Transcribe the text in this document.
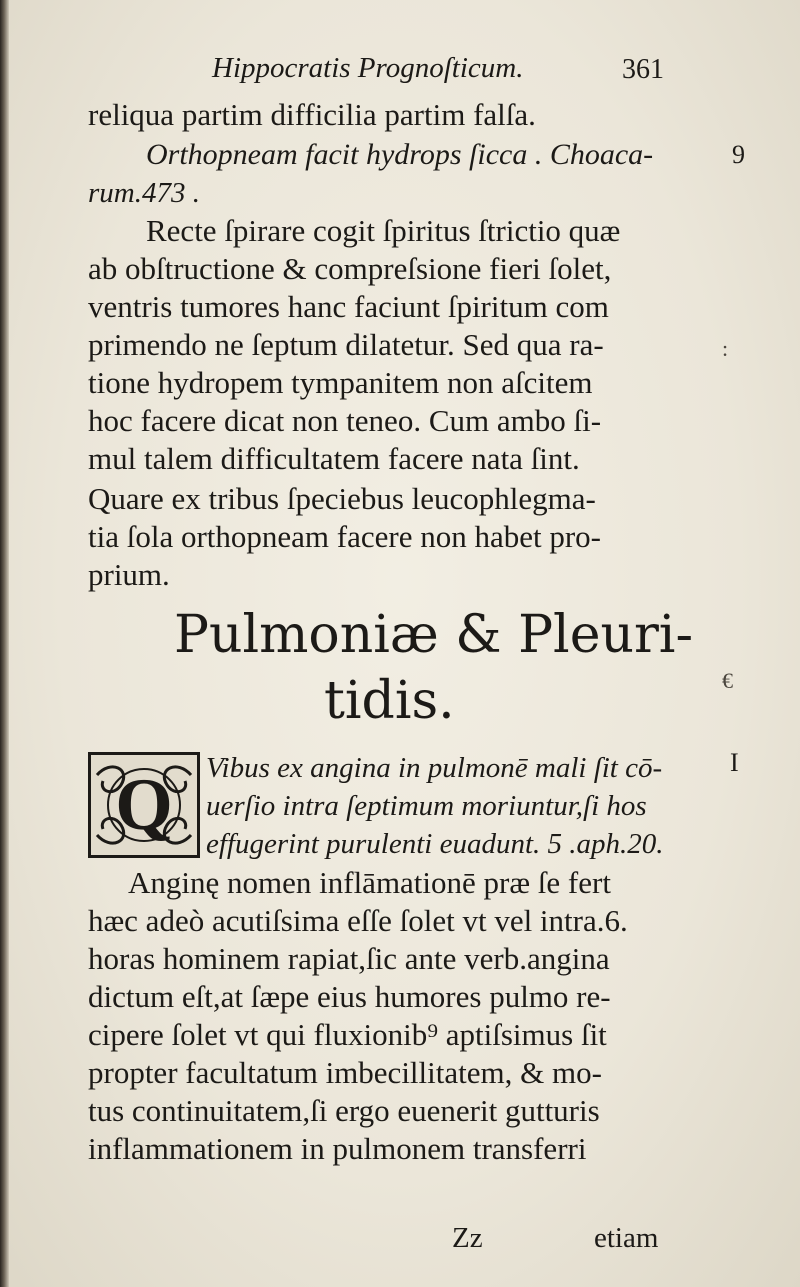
Hippocratis Prognoſticum.	361

reliqua partim difficilia partim falſa.

Orthopneam facit hydrops ſicca . Choaca-

rum.473 .

Recte ſpirare cogit ſpiritus ſtrictio quæ

ab obſtructione & compreſsione fieri ſolet,

ventris tumores hanc faciunt ſpiritum com

primendo ne ſeptum dilatetur. Sed qua ra-

tione hydropem tympanitem non aſcitem

hoc facere dicat non teneo. Cum ambo ſi-

mul talem difficultatem facere nata ſint.

Quare ex tribus ſpeciebus leucophlegma-

tia ſola orthopneam facere non habet pro-

prium.

9

:

€

I

Pulmoniæ & Pleuri-

tidis.

Q Vibus ex angina in pulmonē mali ſit cō-

uerſio intra ſeptimum moriuntur,ſi hos

effugerint purulenti euadunt. 5 .aph.20.

Anginę nomen inflāmationē præ ſe fert

hæc adeò acutiſsima eſſe ſolet vt vel intra.6.

horas hominem rapiat,ſic ante verb.angina

dictum eſt,at ſæpe eius humores pulmo re-

cipere ſolet vt qui fluxionib⁹ aptiſsimus ſit

propter facultatum imbecillitatem, & mo-

tus continuitatem,ſi ergo euenerit gutturis

inflammationem in pulmonem transferri

Zz	etiam
